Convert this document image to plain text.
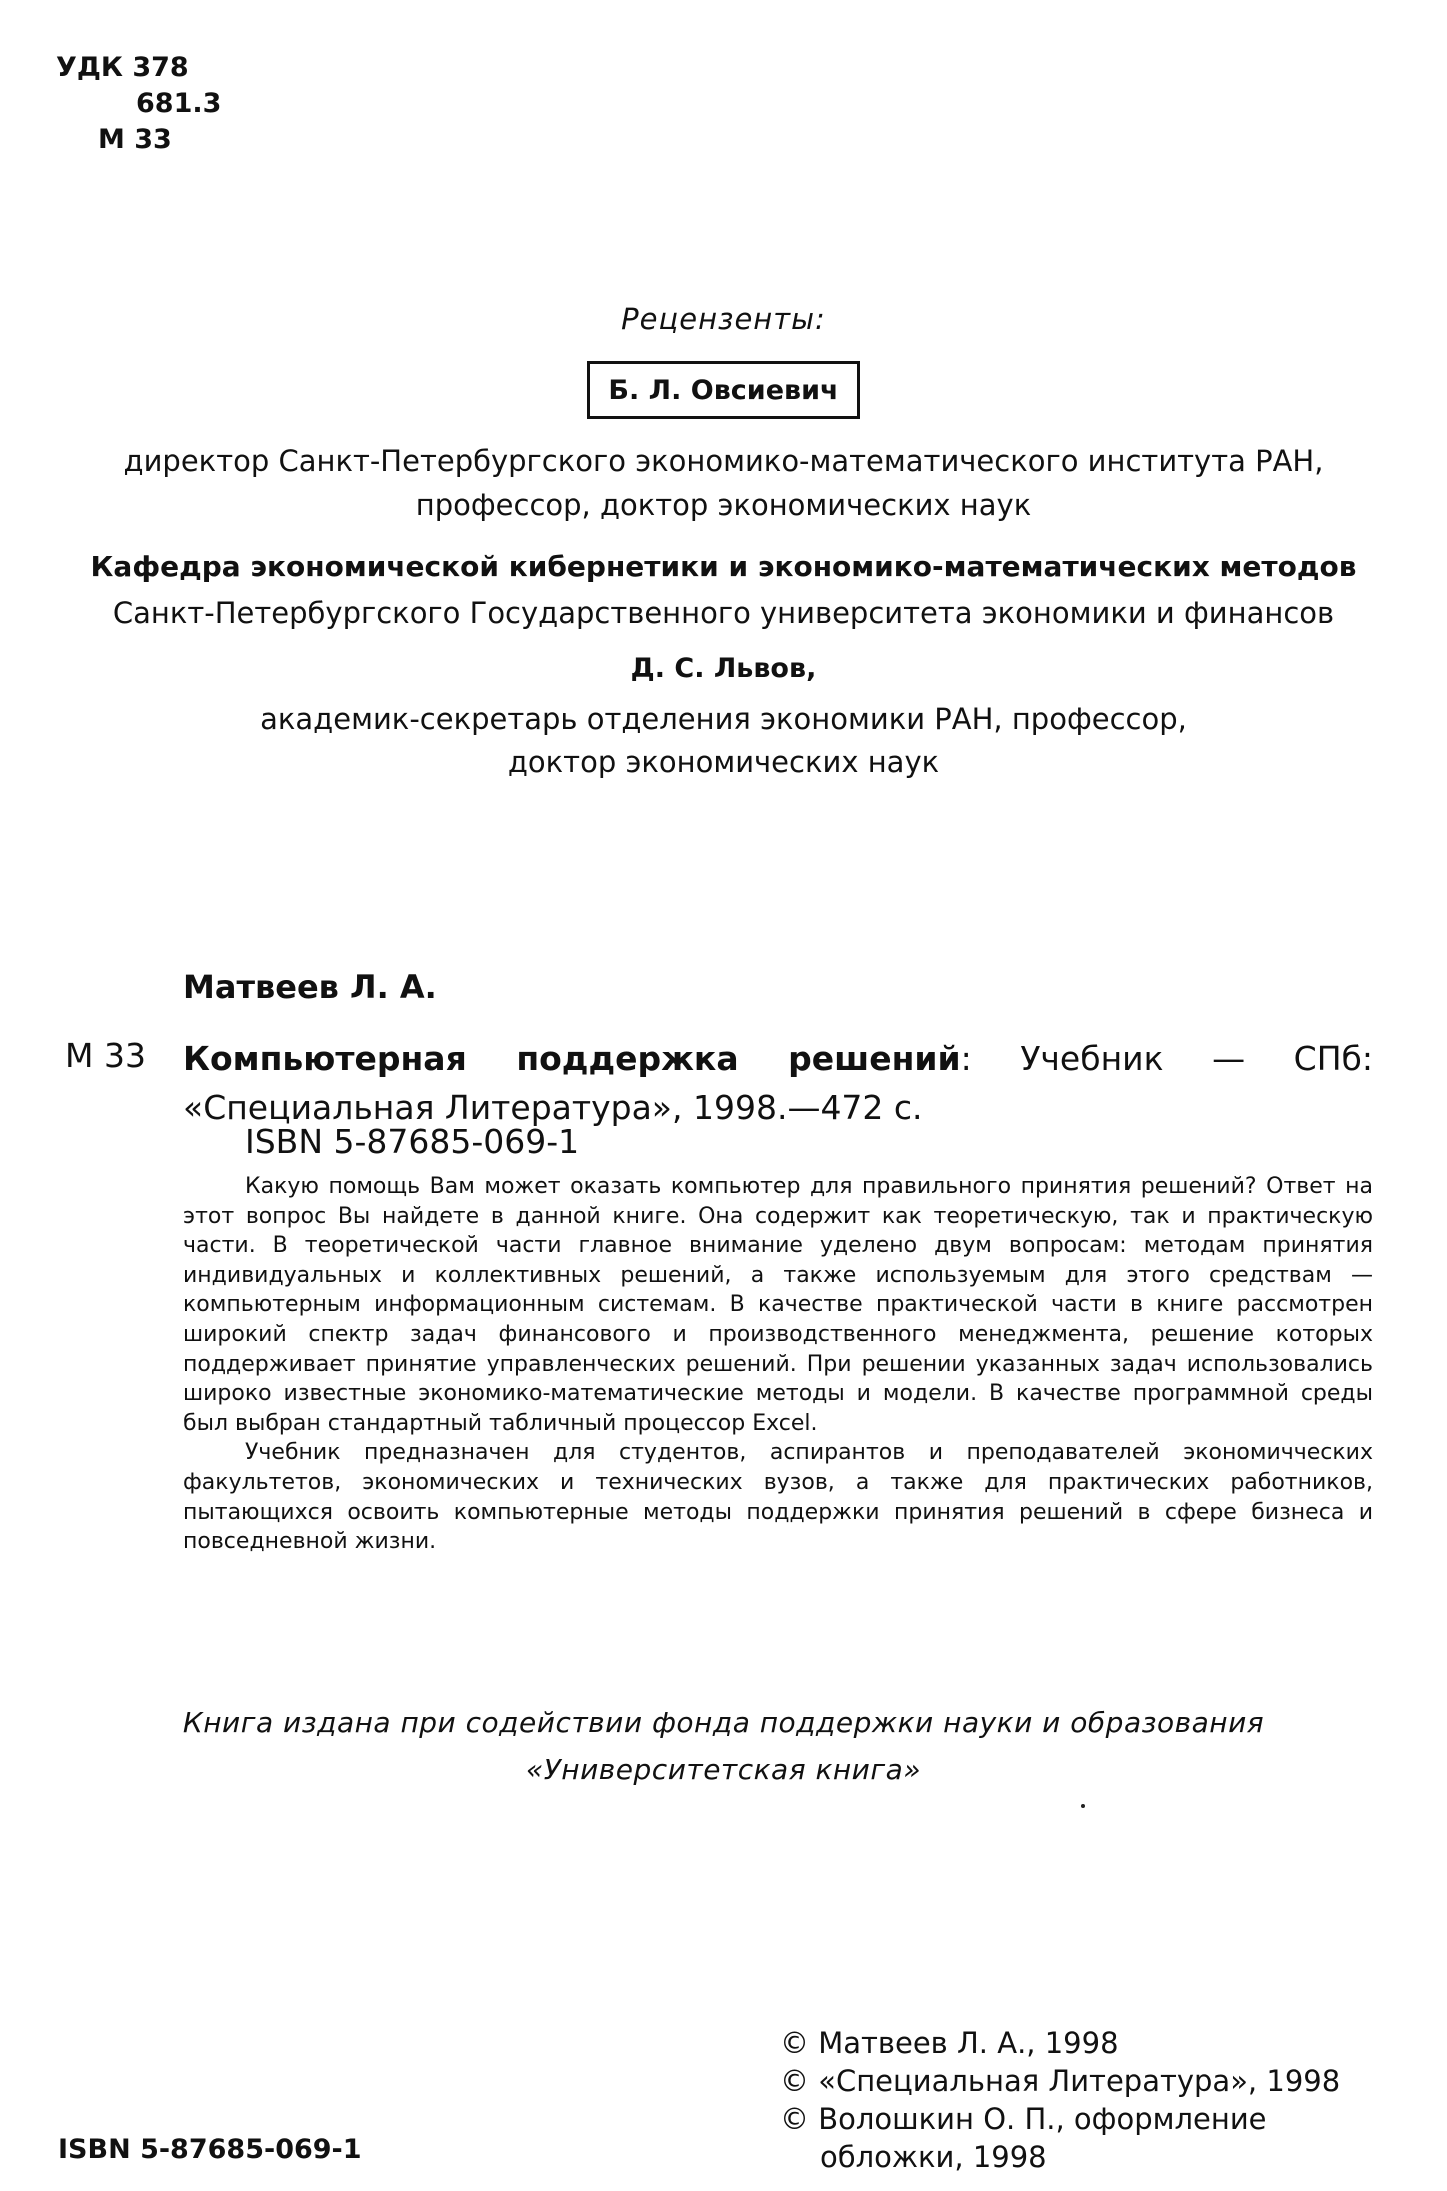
УДК 378
681.3
М 33
Рецензенты:
Б. Л. Овсиевич
директор Санкт-Петербургского экономико-математического института РАН,
профессор, доктор экономических наук
Кафедра экономической кибернетики и экономико-математических методов
Санкт-Петербургского Государственного университета экономики и финансов
Д. С. Львов,
академик-секретарь отделения экономики РАН, профессор,
доктор экономических наук
Матвеев Л. А.
М 33 Компьютерная поддержка решений: Учебник — СПб: «Специальная Литература», 1998.—472 с.
ISBN 5-87685-069-1

Какую помощь Вам может оказать компьютер для правильного принятия решений? Ответ на этот вопрос Вы найдете в данной книге. Она содержит как теоретическую, так и практическую части. В теоретической части главное внимание уделено двум вопросам: методам принятия индивидуальных и коллективных решений, а также используемым для этого средствам — компьютерным информационным системам. В качестве практической части в книге рассмотрен широкий спектр задач финансового и производственного менеджмента, решение которых поддерживает принятие управленческих решений. При решении указанных задач использовались широко известные экономико-математические методы и модели. В качестве программной среды был выбран стандартный табличный процессор Excel.

Учебник предназначен для студентов, аспирантов и преподавателей экономичческих факультетов, экономических и технических вузов, а также для практических работников, пытающихся освоить компьютерные методы поддержки принятия решений в сфере бизнеса и повседневной жизни.

Книга издана при содействии фонда поддержки науки и образования
«Университетская книга»
© Матвеев Л. А., 1998
© «Специальная Литература», 1998
© Волошкин О. П., оформление
обложки, 1998
ISBN 5-87685-069-1
